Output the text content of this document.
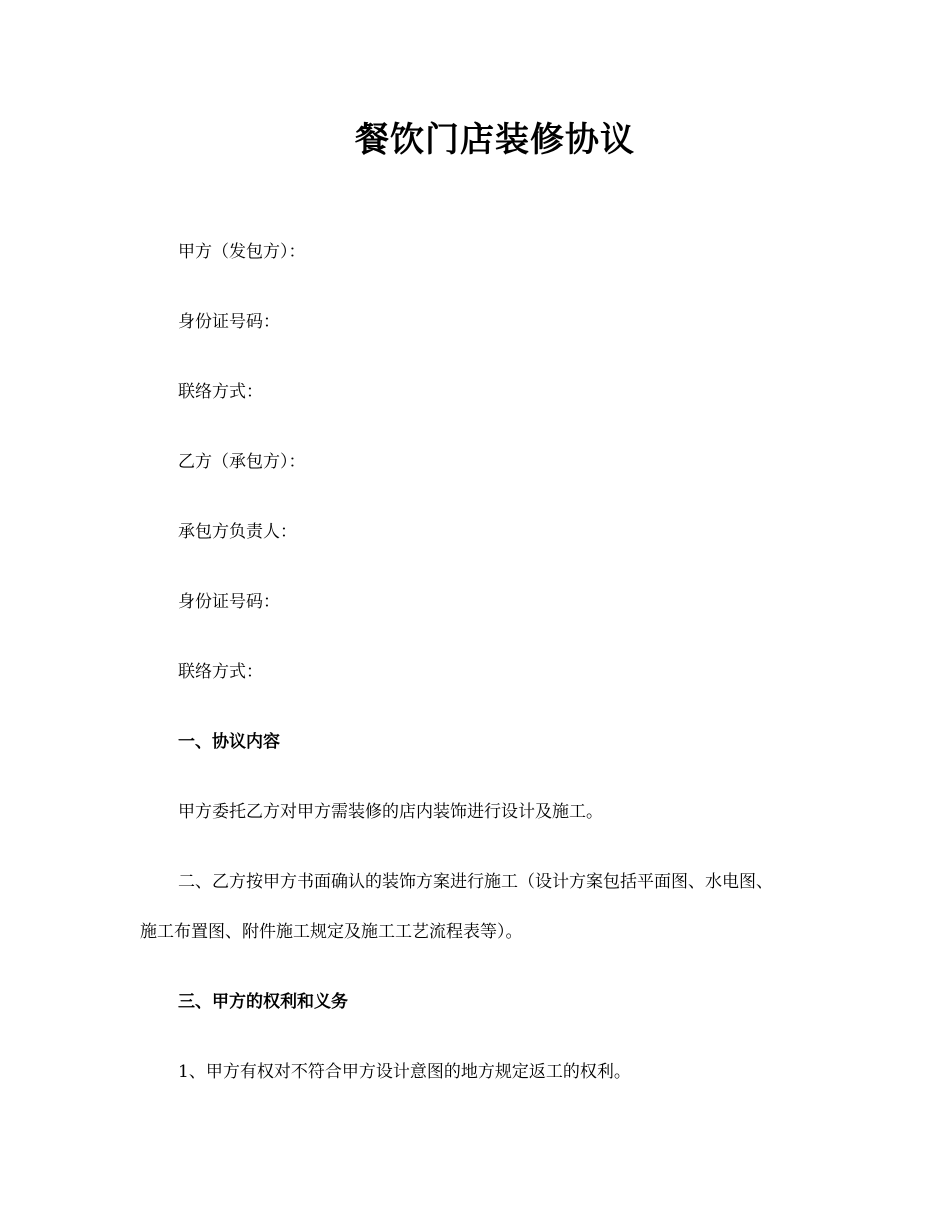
餐饮门店装修协议
甲方（发包方）：
身份证号码：
联络方式：
乙方（承包方）：
承包方负责人：
身份证号码：
联络方式：
一、协议内容
甲方委托乙方对甲方需装修的店内装饰进行设计及施工。
二、乙方按甲方书面确认的装饰方案进行施工（设计方案包括平面图、水电图、
施工布置图、附件施工规定及施工工艺流程表等）。
三、甲方的权利和义务
1、甲方有权对不符合甲方设计意图的地方规定返工的权利。
